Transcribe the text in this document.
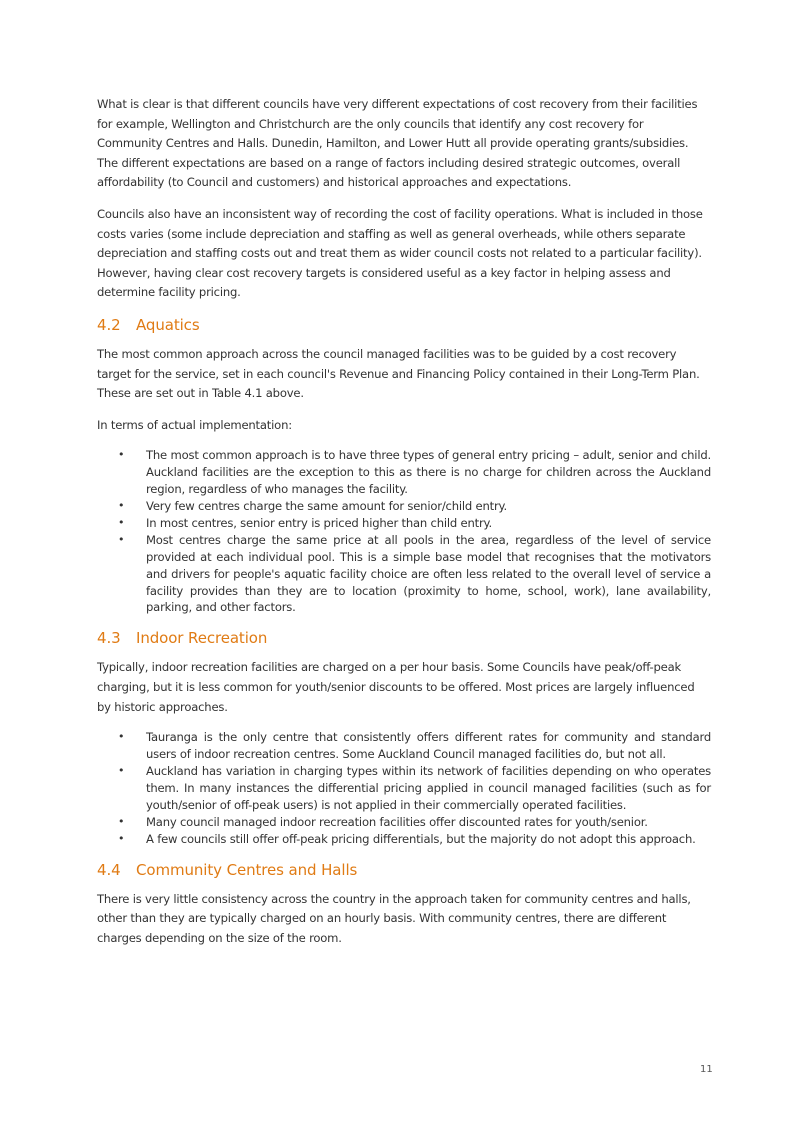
What is clear is that different councils have very different expectations of cost recovery from their facilities for example, Wellington and Christchurch are the only councils that identify any cost recovery for Community Centres and Halls. Dunedin, Hamilton, and Lower Hutt all provide operating grants/subsidies. The different expectations are based on a range of factors including desired strategic outcomes, overall affordability (to Council and customers) and historical approaches and expectations.

Councils also have an inconsistent way of recording the cost of facility operations. What is included in those costs varies (some include depreciation and staffing as well as general overheads, while others separate depreciation and staffing costs out and treat them as wider council costs not related to a particular facility). However, having clear cost recovery targets is considered useful as a key factor in helping assess and determine facility pricing.

4.2 Aquatics

The most common approach across the council managed facilities was to be guided by a cost recovery target for the service, set in each council's Revenue and Financing Policy contained in their Long-Term Plan. These are set out in Table 4.1 above.

In terms of actual implementation:

• The most common approach is to have three types of general entry pricing – adult, senior and child. Auckland facilities are the exception to this as there is no charge for children across the Auckland region, regardless of who manages the facility.
• Very few centres charge the same amount for senior/child entry.
• In most centres, senior entry is priced higher than child entry.
• Most centres charge the same price at all pools in the area, regardless of the level of service provided at each individual pool. This is a simple base model that recognises that the motivators and drivers for people's aquatic facility choice are often less related to the overall level of service a facility provides than they are to location (proximity to home, school, work), lane availability, parking, and other factors.
4.3 Indoor Recreation

Typically, indoor recreation facilities are charged on a per hour basis. Some Councils have peak/off-peak charging, but it is less common for youth/senior discounts to be offered. Most prices are largely influenced by historic approaches.

• Tauranga is the only centre that consistently offers different rates for community and standard users of indoor recreation centres. Some Auckland Council managed facilities do, but not all.
• Auckland has variation in charging types within its network of facilities depending on who operates them. In many instances the differential pricing applied in council managed facilities (such as for youth/senior of off-peak users) is not applied in their commercially operated facilities.
• Many council managed indoor recreation facilities offer discounted rates for youth/senior.
• A few councils still offer off-peak pricing differentials, but the majority do not adopt this approach.
4.4 Community Centres and Halls

There is very little consistency across the country in the approach taken for community centres and halls, other than they are typically charged on an hourly basis. With community centres, there are different charges depending on the size of the room.

11
